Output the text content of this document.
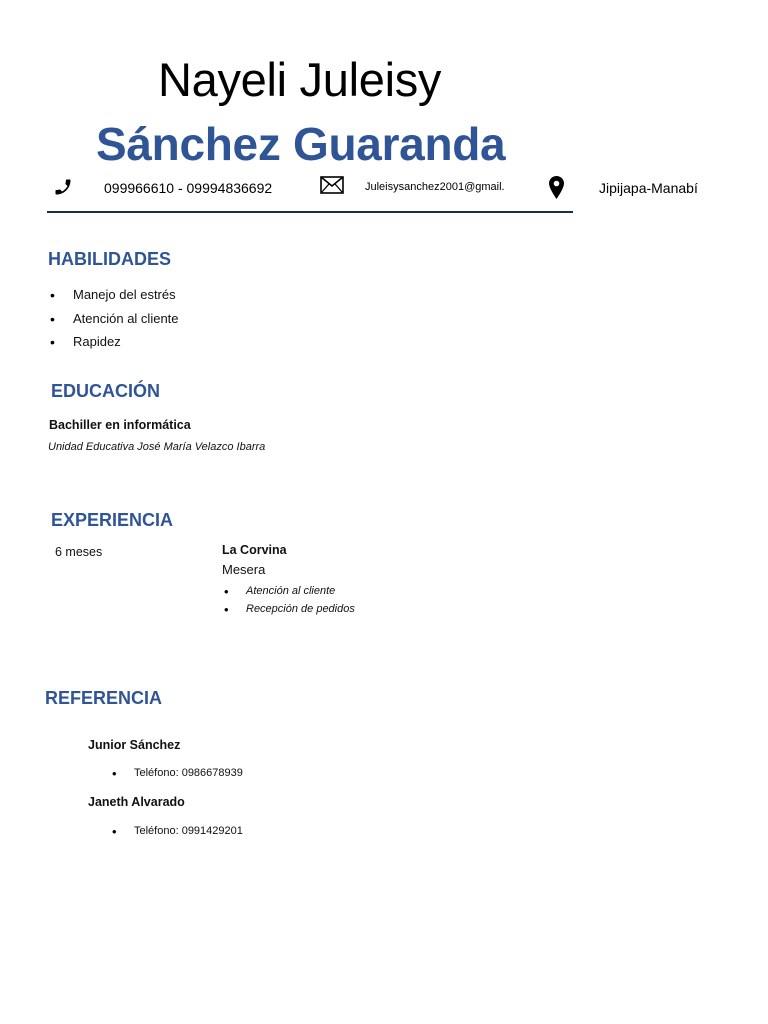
Nayeli Juleisy
Sánchez Guaranda
099966610 - 09994836692	Juleisysanchez2001@gmail.	Jipijapa-Manabí
HABILIDADES
• Manejo del estrés
• Atención al cliente
• Rapidez
EDUCACIÓN
Bachiller en informática
Unidad Educativa José María Velazco Ibarra
EXPERIENCIA
6 meses	La Corvina
Mesera
• Atención al cliente
• Recepción de pedidos
REFERENCIA
Junior Sánchez
• Teléfono: 0986678939
Janeth Alvarado
• Teléfono: 0991429201
